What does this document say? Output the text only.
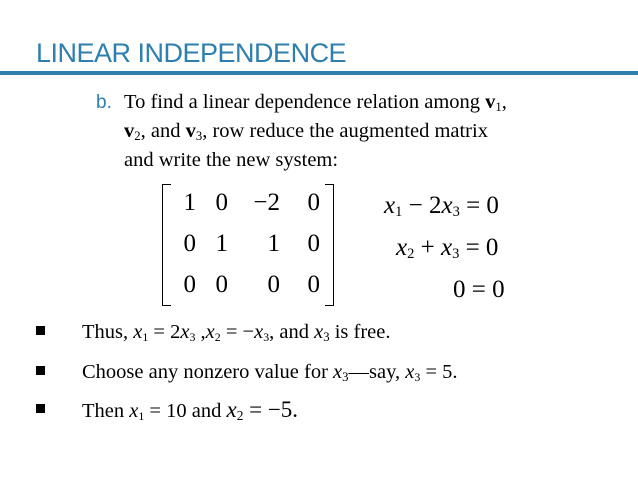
LINEAR INDEPENDENCE
b. To find a linear dependence relation among $v_1$,
$v_2$, and $v_3$, row reduce the augmented matrix
and write the new system:
1 0	−2	0
0 1	1	0
0 0	0	0
$x_1 - 2x_3 = 0$
$x_2 + x_3 = 0$
0 = 0
Thus, $x_1 = 2x_3$ $,x_2 = -x_3$, and $x_3$ is free.
Choose any nonzero value for $x_3—say$, $x_3 = 5$.
Then $x_1 = 10$ and $x_2 = -5$.
